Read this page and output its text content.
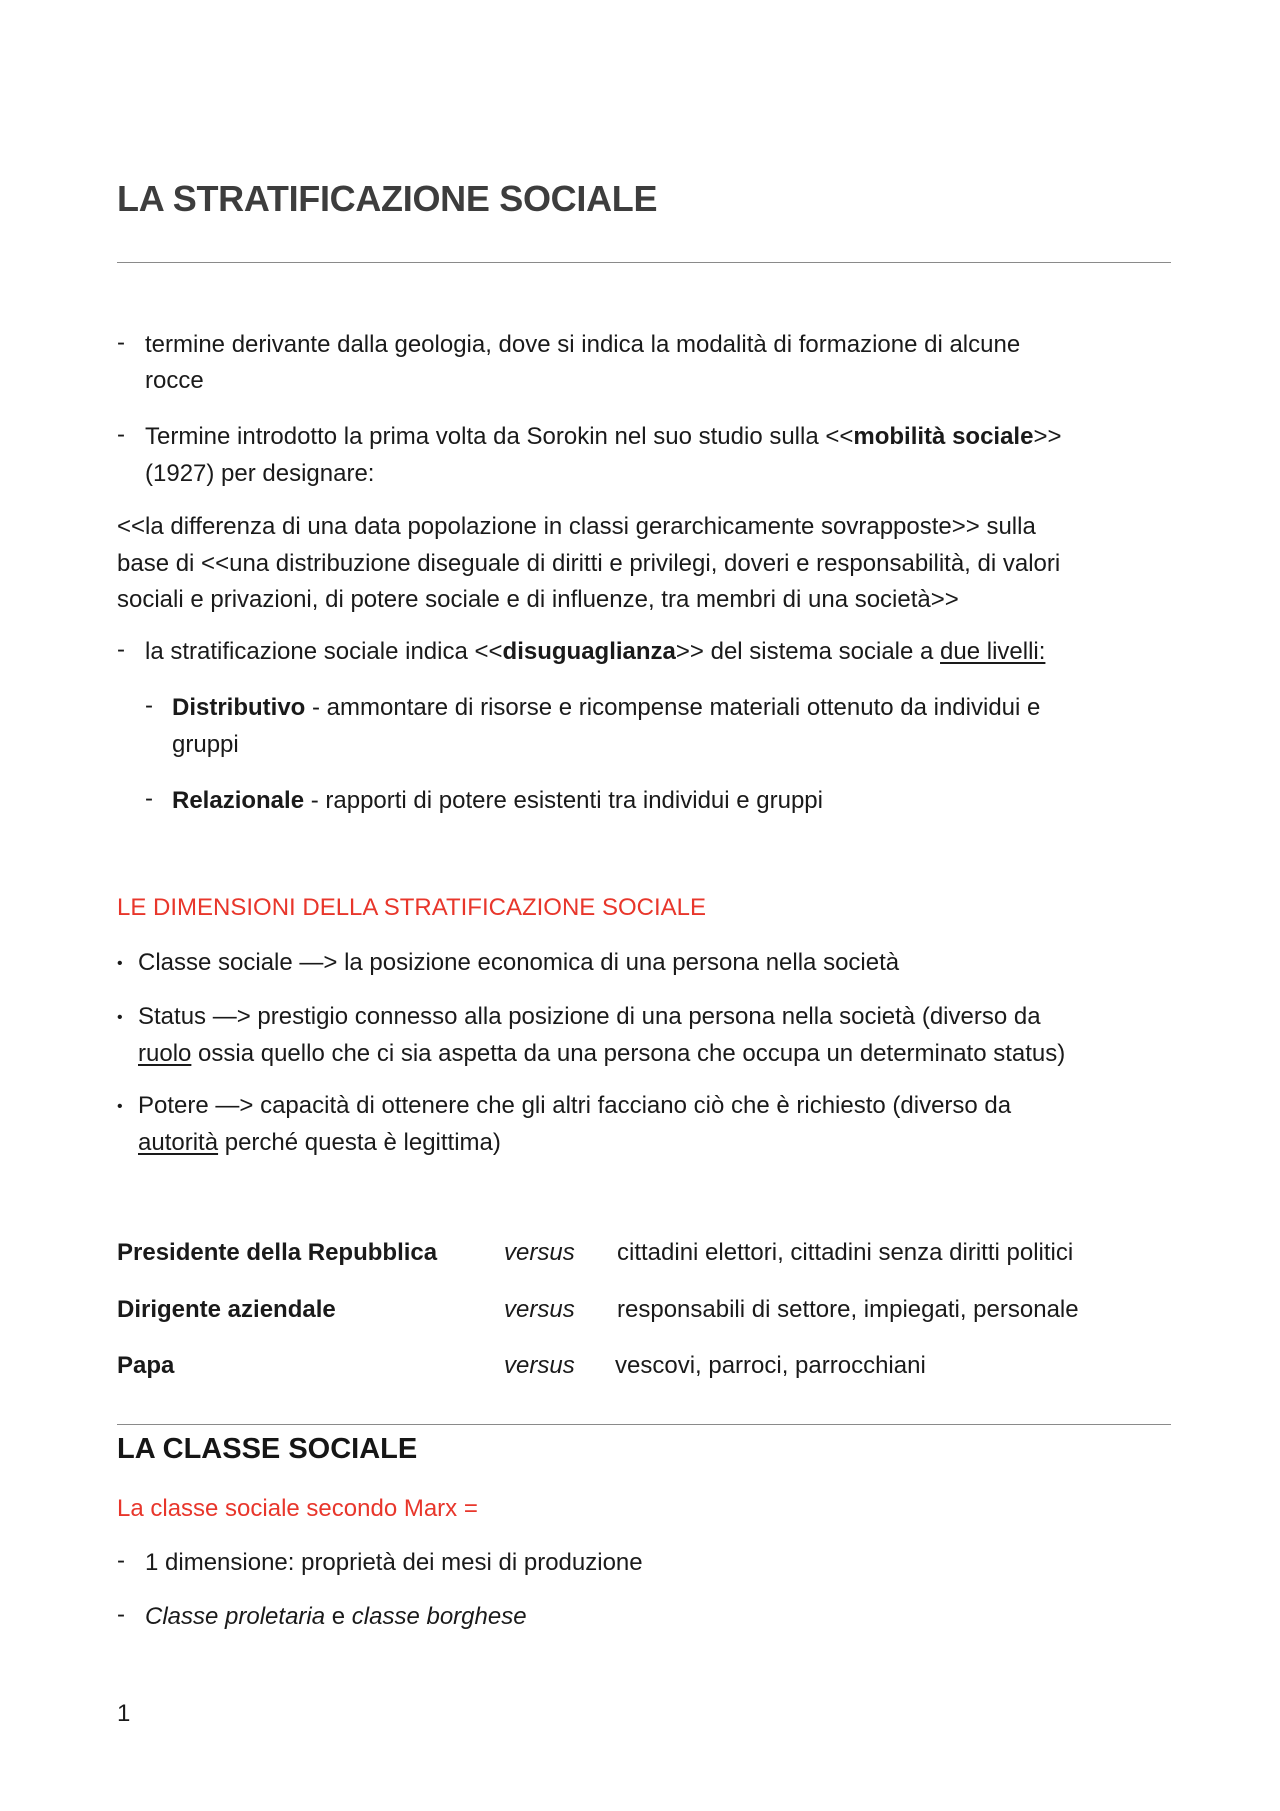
LA STRATIFICAZIONE SOCIALE
- termine derivante dalla geologia, dove si indica la modalità di formazione di alcune
rocce
- Termine introdotto la prima volta da Sorokin nel suo studio sulla <<mobilità sociale>>
(1927) per designare:
<<la differenza di una data popolazione in classi gerarchicamente sovrapposte>> sulla
base di <<una distribuzione diseguale di diritti e privilegi, doveri e responsabilità, di valori
sociali e privazioni, di potere sociale e di influenze, tra membri di una società>>
- la stratificazione sociale indica <<disuguaglianza>> del sistema sociale a due livelli:
- Distributivo - ammontare di risorse e ricompense materiali ottenuto da individui e
gruppi
- Relazionale - rapporti di potere esistenti tra individui e gruppi
LE DIMENSIONI DELLA STRATIFICAZIONE SOCIALE
• Classe sociale —> la posizione economica di una persona nella società
• Status —> prestigio connesso alla posizione di una persona nella società (diverso da
ruolo ossia quello che ci sia aspetta da una persona che occupa un determinato status)
• Potere —> capacità di ottenere che gli altri facciano ciò che è richiesto (diverso da
autorità perché questa è legittima)
Presidente della Repubblica	versus cittadini elettori, cittadini senza diritti politici
Dirigente aziendale	versus responsabili di settore, impiegati, personale
Papa	versus vescovi, parroci, parrocchiani
LA CLASSE SOCIALE
La classe sociale secondo Marx =
- 1 dimensione: proprietà dei mesi di produzione
- Classe proletaria e classe borghese
1
